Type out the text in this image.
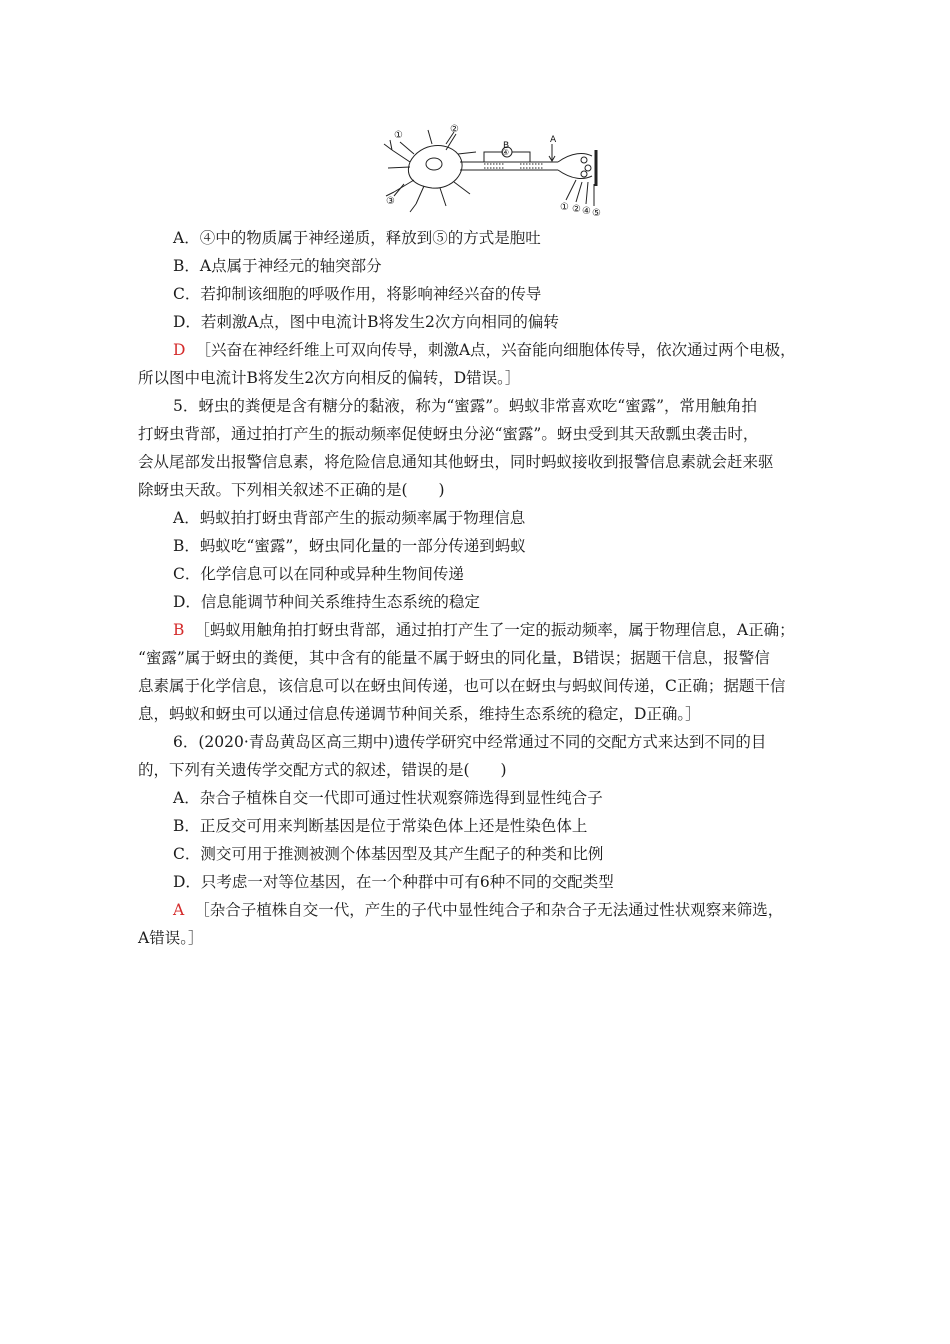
①
②
③
B
④
A
① ② ④ ⑤
A．④中的物质属于神经递质，释放到⑤的方式是胞吐
B．A点属于神经元的轴突部分
C．若抑制该细胞的呼吸作用，将影响神经兴奋的传导
D．若刺激A点，图中电流计B将发生2次方向相同的偏转
D ［兴奋在神经纤维上可双向传导，刺激A点，兴奋能向细胞体传导，依次通过两个电极，
所以图中电流计B将发生2次方向相反的偏转，D错误。］
5．蚜虫的粪便是含有糖分的黏液，称为“蜜露”。蚂蚁非常喜欢吃“蜜露”，常用触角拍
打蚜虫背部，通过拍打产生的振动频率促使蚜虫分泌“蜜露”。蚜虫受到其天敌瓢虫袭击时，
会从尾部发出报警信息素，将危险信息通知其他蚜虫，同时蚂蚁接收到报警信息素就会赶来驱
除蚜虫天敌。下列相关叙述不正确的是(　　)
A．蚂蚁拍打蚜虫背部产生的振动频率属于物理信息
B．蚂蚁吃“蜜露”，蚜虫同化量的一部分传递到蚂蚁
C．化学信息可以在同种或异种生物间传递
D．信息能调节种间关系维持生态系统的稳定
B ［蚂蚁用触角拍打蚜虫背部，通过拍打产生了一定的振动频率，属于物理信息，A正确；
“蜜露”属于蚜虫的粪便，其中含有的能量不属于蚜虫的同化量，B错误；据题干信息，报警信
息素属于化学信息，该信息可以在蚜虫间传递，也可以在蚜虫与蚂蚁间传递，C正确；据题干信
息，蚂蚁和蚜虫可以通过信息传递调节种间关系，维持生态系统的稳定，D正确。］
6．(2020·青岛黄岛区高三期中)遗传学研究中经常通过不同的交配方式来达到不同的目
的，下列有关遗传学交配方式的叙述，错误的是(　　)
A．杂合子植株自交一代即可通过性状观察筛选得到显性纯合子
B．正反交可用来判断基因是位于常染色体上还是性染色体上
C．测交可用于推测被测个体基因型及其产生配子的种类和比例
D．只考虑一对等位基因，在一个种群中可有6种不同的交配类型
A ［杂合子植株自交一代，产生的子代中显性纯合子和杂合子无法通过性状观察来筛选，
A错误。］
